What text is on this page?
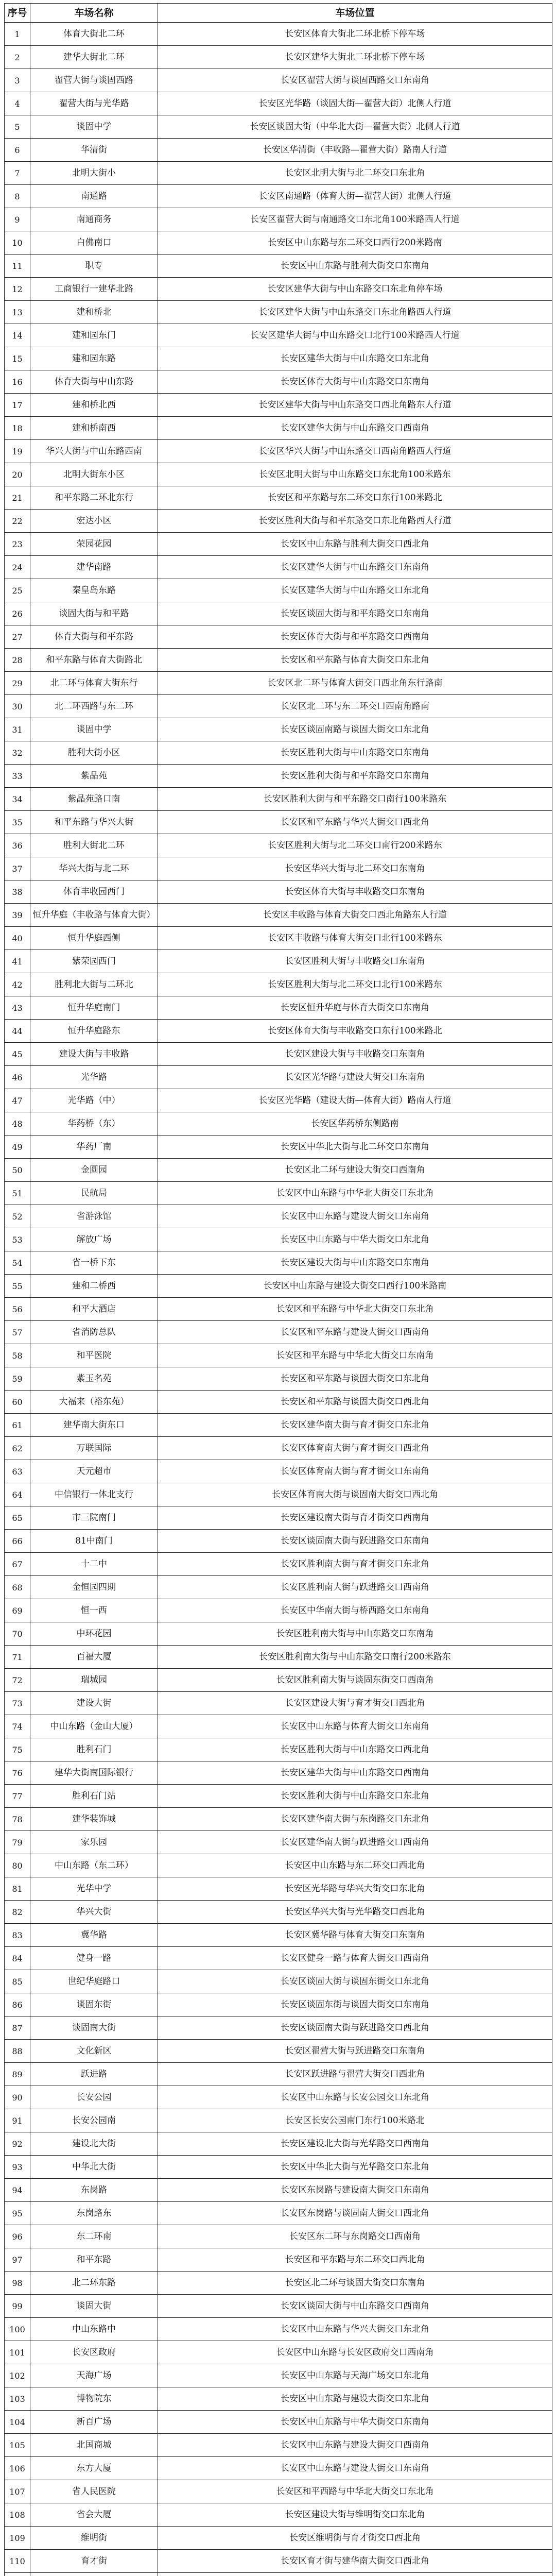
序号	车场名称	车场位置
1	体育大街北二环	长安区体育大街北二环北桥下停车场
2	建华大街北二环	长安区建华大街北二环北桥下停车场
3	翟营大街与谈固西路	长安区翟营大街与谈固西路交口东南角
4	翟营大街与光华路	长安区光华路（谈固大街—翟营大街）北侧人行道
5	谈固中学	长安区谈固大街（中华北大街—翟营大街）北侧人行道
6	华清街	长安区华清街（丰收路—翟营大街）路南人行道
7	北明大街小	长安区北明大街与北二环交口东北角
8	南通路	长安区南通路（体育大街—翟营大街）北侧人行道
9	南通商务	长安区翟营大街与南通路交口东北角100米路西人行道
10	白佛南口	长安区中山东路与东二环交口西行200米路南
11	职专	长安区中山东路与胜利大街交口东南角
12	工商银行一建华北路	长安区建华大街与中山东路交口东北角停车场
13	建和桥北	长安区建华大街与中山东路交口东北角路西人行道
14	建和园东门	长安区建华大街与中山东路交口北行100米路西人行道
15	建和园东路	长安区建华大街与中山东路交口东北角
16	体育大街与中山东路	长安区体育大街与中山东路交口东南角
17	建和桥北西	长安区建华大街与中山东路交口西北角路东人行道
18	建和桥南西	长安区建华大街与中山东路交口西南角
19	华兴大街与中山东路西南	长安区华兴大街与中山东路交口西南角路西人行道
20	北明大街东小区	长安区北明大街与中山东路交口东北角100米路东
21	和平东路二环北东行	长安区和平东路与东二环交口东行100米路北
22	宏达小区	长安区胜利大街与和平东路交口东北角路西人行道
23	荣园花园	长安区中山东路与胜利大街交口西北角
24	建华南路	长安区建华大街与中山东路交口东南角
25	秦皇岛东路	长安区建华大街与中山东路交口东北角
26	谈固大街与和平路	长安区谈固大街与和平东路交口东南角
27	体育大街与和平东路	长安区体育大街与和平东路交口西南角
28	和平东路与体育大街路北	长安区和平东路与体育大街交口东北角
29	北二环与体育大街东行	长安区北二环与体育大街交口西北角东行路南
30	北二环西路与东二环	长安区北二环与东二环交口西南角路南
31	谈固中学	长安区谈固南路与谈固大街交口东北角
32	胜利大街小区	长安区胜利大街与中山东路交口东南角
33	紫晶苑	长安区胜利大街与和平东路交口东南角
34	紫晶苑路口南	长安区胜利大街与和平东路交口南行100米路东
35	和平东路与华兴大街	长安区和平东路与华兴大街交口西北角
36	胜利大街北二环	长安区胜利大街与北二环交口南行200米路东
37	华兴大街与北二环	长安区华兴大街与北二环交口东南角
38	体育丰收园西门	长安区体育大街与丰收路交口东南角
39	恒升华庭（丰收路与体育大街）	长安区丰收路与体育大街交口西北角路东人行道
40	恒升华庭西侧	长安区丰收路与体育大街交口北行100米路东
41	紫荣园西门	长安区胜利大街与丰收路交口东南角
42	胜利北大街与二环北	长安区胜利大街与北二环交口北行100米路东
43	恒升华庭南门	长安区恒升华庭与体育大街交口东南角
44	恒升华庭路东	长安区体育大街与丰收路交口东行100米路北
45	建设大街与丰收路	长安区建设大街与丰收路交口东南角
46	光华路	长安区光华路与建设大街交口东南角
47	光华路（中）	长安区光华路（建设大街—体育大街）路南人行道
48	华药桥（东）	长安区华药桥东侧路南
49	华药厂南	长安区中华北大街与北二环交口东南角
50	金圆园	长安区北二环与建设大街交口西南角
51	民航局	长安区中山东路与中华北大街交口东北角
52	省游泳馆	长安区中山东路与建设大街交口东南角
53	解放广场	长安区中山东路与中华大街交口东北角
54	省一桥下东	长安区建设大街与中山东路交口东南角
55	建和二桥西	长安区中山东路与建设大街交口西行100米路南
56	和平大酒店	长安区和平东路与中华北大街交口东北角
57	省消防总队	长安区和平东路与建设大街交口西南角
58	和平医院	长安区和平东路与中华北大街交口东南角
59	紫玉名苑	长安区和平东路与谈固大街交口东北角
60	大福来（裕东苑）	长安区和平东路与谈固大街交口西北角
61	建华南大街东口	长安区建华南大街与育才街交口东北角
62	万联国际	长安区体育南大街与育才街交口西北角
63	天元超市	长安区体育南大街与育才街交口东南角
64	中信银行一体北支行	长安区体育南大街与谈固南大街交口西北角
65	市三院南门	长安区建设南大街与育才街交口西南角
66	81中南门	长安区谈固南大街与跃进路交口东南角
67	十二中	长安区胜利南大街与育才街交口东北角
68	金恒园四期	长安区胜利南大街与跃进路交口西南角
69	恒一西	长安区中华南大街与桥西路交口东南角
70	中环花园	长安区胜利南大街与中山东路交口东南角
71	百福大厦	长安区胜利南大街与中山东路交口南行200米路东
72	瑞城园	长安区胜利南大街与谈固东街交口西南角
73	建设大街	长安区建设大街与育才街交口西北角
74	中山东路（金山大厦）	长安区中山东路与体育大街交口东南角
75	胜利石门	长安区胜利大街与中山东路交口西北角
76	建华大街南国际银行	长安区建华大街与中山东路交口西南角
77	胜利石门站	长安区胜利大街与中山东路交口东北角
78	建华装饰城	长安区建华南大街与东岗路交口东北角
79	家乐园	长安区建华南大街与跃进路交口西南角
80	中山东路（东二环）	长安区中山东路与东二环交口西北角
81	光华中学	长安区光华路与华兴大街交口东北角
82	华兴大街	长安区华兴大街与光华路交口西北角
83	冀华路	长安区冀华路与体育大街交口东南角
84	健身一路	长安区健身一路与体育大街交口西南角
85	世纪华庭路口	长安区谈固大街与谈固东街交口东北角
86	谈固东街	长安区谈固东街与谈固大街交口东南角
87	谈固南大街	长安区谈固南大街与跃进路交口西北角
88	文化新区	长安区翟营大街与跃进路交口东南角
89	跃进路	长安区跃进路与翟营大街交口西北角
90	长安公园	长安区中山东路与长安公园交口东北角
91	长安公园南	长安区长安公园南门东行100米路北
92	建设北大街	长安区建设北大街与光华路交口西南角
93	中华北大街	长安区中华北大街与光华路交口东北角
94	东岗路	长安区东岗路与建设南大街交口东南角
95	东岗路东	长安区东岗路与谈固南大街交口西北角
96	东二环南	长安区东二环与东岗路交口西南角
97	和平东路	长安区和平东路与东二环交口西北角
98	北二环东路	长安区北二环与谈固大街交口东南角
99	谈固大街	长安区谈固大街与中山东路交口西南角
100	中山东路中	长安区中山东路与华兴大街交口东北角
101	长安区政府	长安区中山东路与长安区政府交口西南角
102	天海广场	长安区中山东路与天海广场交口东北角
103	博物院东	长安区中山东路与建设大街交口东北角
104	新百广场	长安区中山东路与中华大街交口东南角
105	北国商城	长安区中山东路与建设大街交口西南角
106	东方大厦	长安区中山东路与建设大街交口东南角
107	省人民医院	长安区和平西路与中华北大街交口东北角
108	省会大厦	长安区建设大街与维明街交口东北角
109	维明街	长安区维明街与育才街交口西北角
110	育才街	长安区育才街与建华南大街交口西北角
